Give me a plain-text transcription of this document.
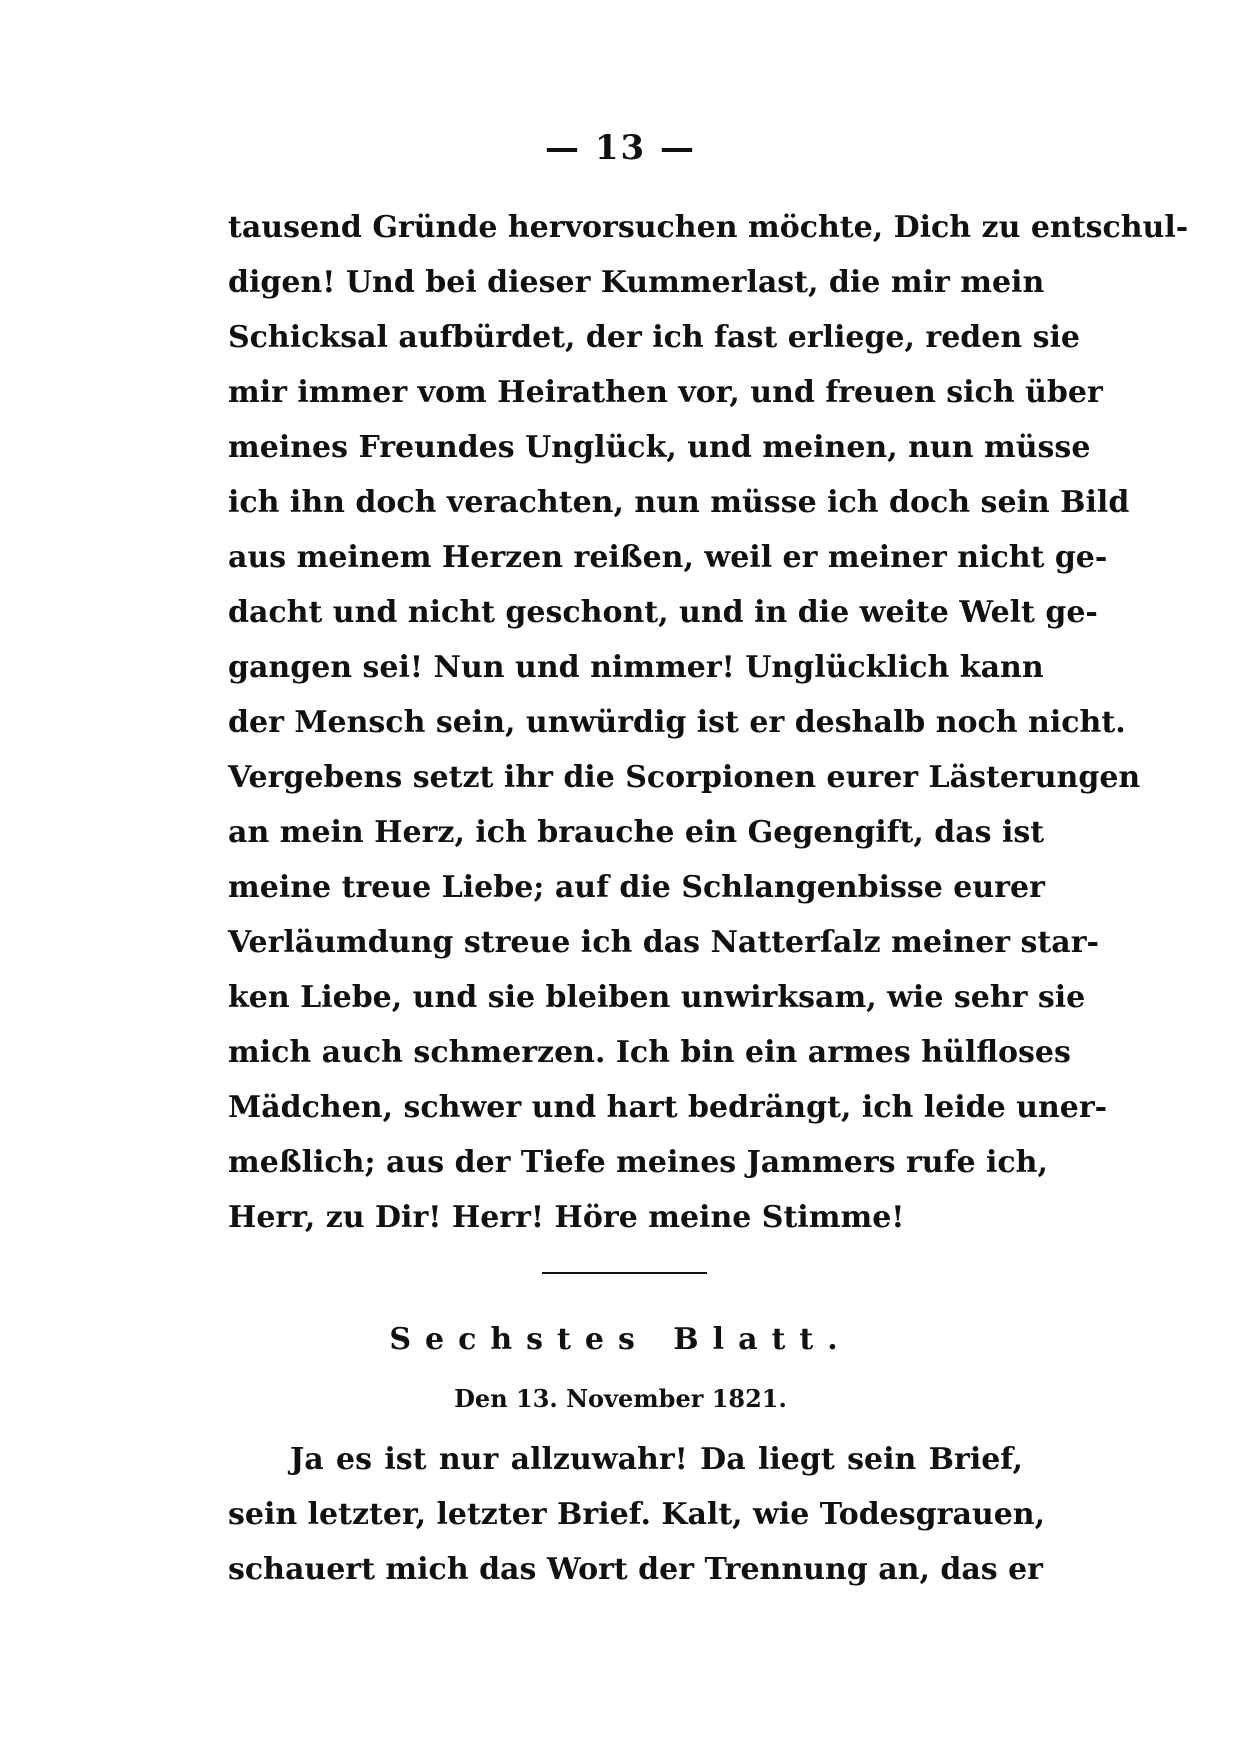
— 13 —
tausend Gründe hervorsuchen möchte, Dich zu entschul-
digen! Und bei dieser Kummerlast, die mir mein
Schicksal aufbürdet, der ich fast erliege, reden sie
mir immer vom Heirathen vor, und freuen sich über
meines Freundes Unglück, und meinen, nun müsse
ich ihn doch verachten, nun müsse ich doch sein Bild
aus meinem Herzen reißen, weil er meiner nicht ge-
dacht und nicht geschont, und in die weite Welt ge-
gangen sei! Nun und nimmer! Unglücklich kann
der Mensch sein, unwürdig ist er deshalb noch nicht.
Vergebens setzt ihr die Scorpionen eurer Lästerungen
an mein Herz, ich brauche ein Gegengift, das ist
meine treue Liebe; auf die Schlangenbisse eurer
Verläumdung streue ich das Natterſalz meiner star-
ken Liebe, und sie bleiben unwirksam, wie sehr sie
mich auch schmerzen. Ich bin ein armes hülfloses
Mädchen, schwer und hart bedrängt, ich leide uner-
meßlich; aus der Tiefe meines Jammers rufe ich,
Herr, zu Dir! Herr! Höre meine Stimme!
Sechstes Blatt.
Den 13. November 1821.
Ja es ist nur allzuwahr! Da liegt sein Brief,
sein letzter, letzter Brief. Kalt, wie Todesgrauen,
schauert mich das Wort der Trennung an, das er
